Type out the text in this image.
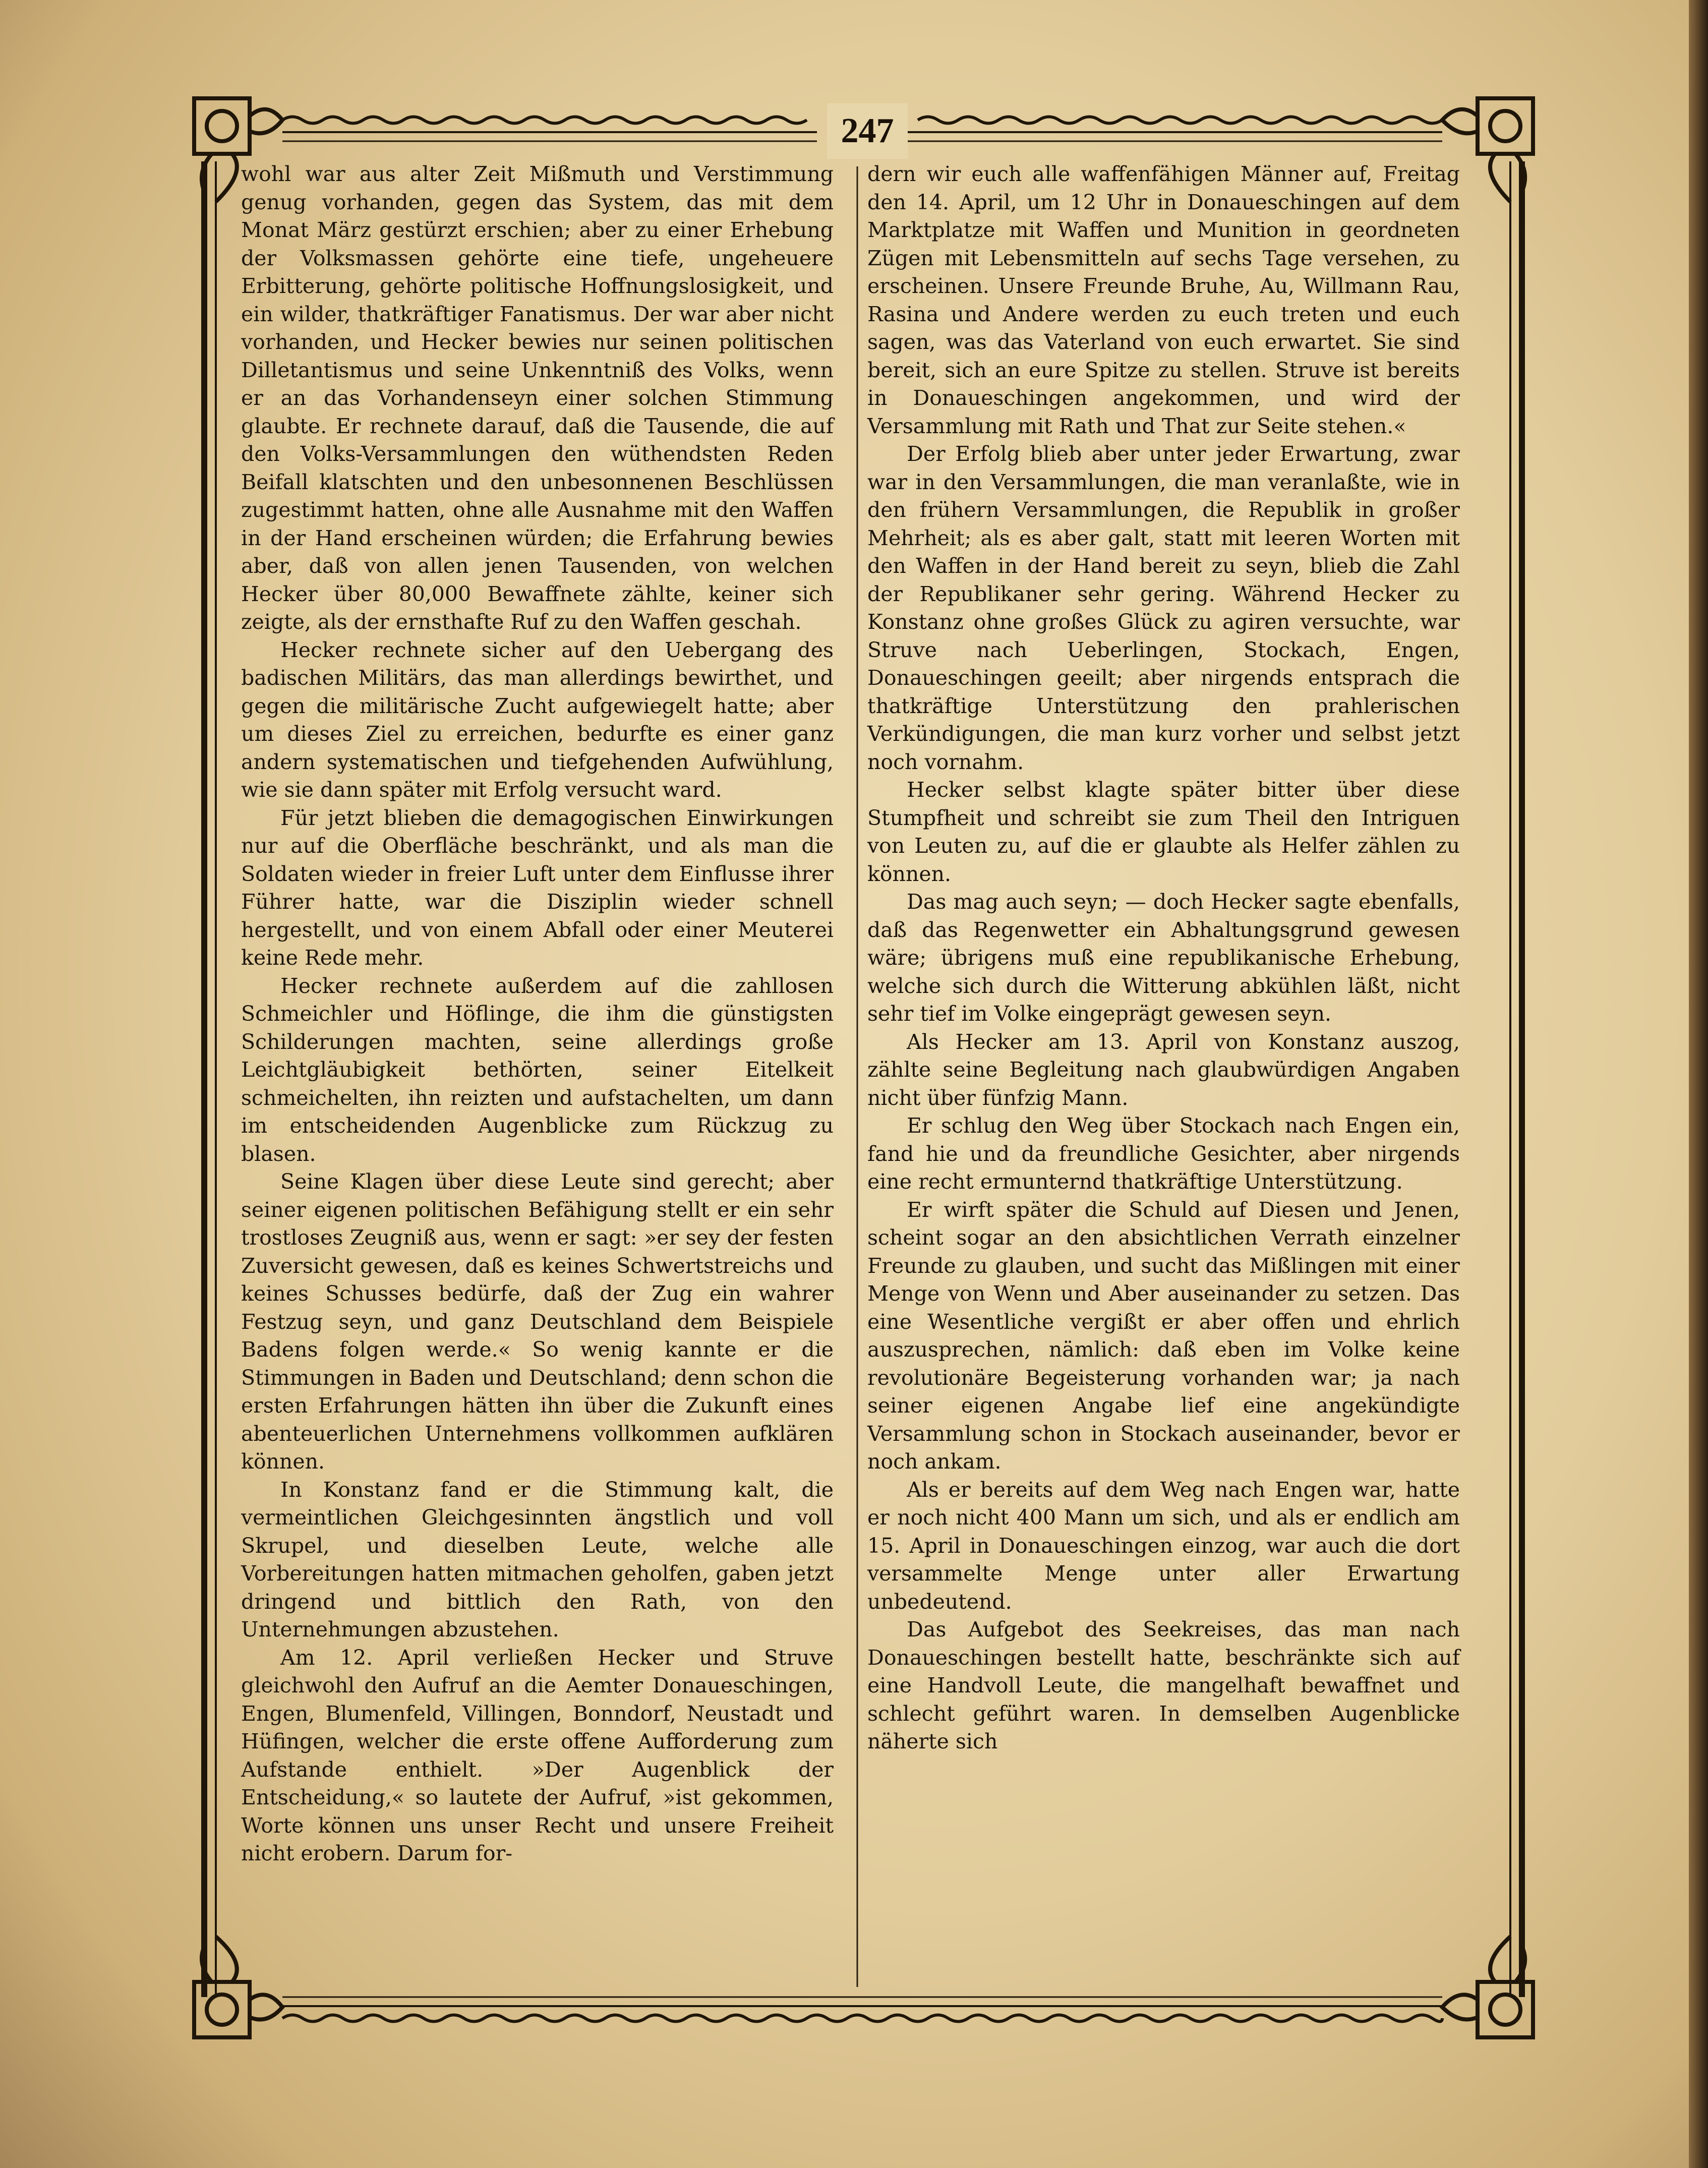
247

wohl war aus alter Zeit Mißmuth und Verstimmung genug vorhanden, gegen das System, das mit dem Monat März gestürzt erschien; aber zu einer Erhebung der Volksmassen gehörte eine tiefe, ungeheuere Erbitterung, gehörte politische Hoffnungslosigkeit, und ein wilder, thatkräftiger Fanatismus. Der war aber nicht vorhanden, und Hecker bewies nur seinen politischen Dilletantismus und seine Unkenntniß des Volks, wenn er an das Vorhandenseyn einer solchen Stimmung glaubte. Er rechnete darauf, daß die Tausende, die auf den Volks-Versammlungen den wüthendsten Reden Beifall klatschten und den unbesonnenen Beschlüssen zugestimmt hatten, ohne alle Ausnahme mit den Waffen in der Hand erscheinen würden; die Erfahrung bewies aber, daß von allen jenen Tausenden, von welchen Hecker über 80,000 Bewaffnete zählte, keiner sich zeigte, als der ernsthafte Ruf zu den Waffen geschah.

Hecker rechnete sicher auf den Uebergang des badischen Militärs, das man allerdings bewirthet, und gegen die militärische Zucht aufgewiegelt hatte; aber um dieses Ziel zu erreichen, bedurfte es einer ganz andern systematischen und tiefgehenden Aufwühlung, wie sie dann später mit Erfolg versucht ward.

Für jetzt blieben die demagogischen Einwirkungen nur auf die Oberfläche beschränkt, und als man die Soldaten wieder in freier Luft unter dem Einflusse ihrer Führer hatte, war die Disziplin wieder schnell hergestellt, und von einem Abfall oder einer Meuterei keine Rede mehr.

Hecker rechnete außerdem auf die zahllosen Schmeichler und Höflinge, die ihm die günstigsten Schilderungen machten, seine allerdings große Leichtgläubigkeit bethörten, seiner Eitelkeit schmeichelten, ihn reizten und aufstachelten, um dann im entscheidenden Augenblicke zum Rückzug zu blasen.

Seine Klagen über diese Leute sind gerecht; aber seiner eigenen politischen Befähigung stellt er ein sehr trostloses Zeugniß aus, wenn er sagt: »er sey der festen Zuversicht gewesen, daß es keines Schwertstreichs und keines Schusses bedürfe, daß der Zug ein wahrer Festzug seyn, und ganz Deutschland dem Beispiele Badens folgen werde.« So wenig kannte er die Stimmungen in Baden und Deutschland; denn schon die ersten Erfahrungen hätten ihn über die Zukunft eines abenteuerlichen Unternehmens vollkommen aufklären können.

In Konstanz fand er die Stimmung kalt, die vermeintlichen Gleichgesinnten ängstlich und voll Skrupel, und dieselben Leute, welche alle Vorbereitungen hatten mitmachen geholfen, gaben jetzt dringend und bittlich den Rath, von den Unternehmungen abzustehen.

Am 12. April verließen Hecker und Struve gleichwohl den Aufruf an die Aemter Donaueschingen, Engen, Blumenfeld, Villingen, Bonndorf, Neustadt und Hüfingen, welcher die erste offene Aufforderung zum Aufstande enthielt. »Der Augenblick der Entscheidung,« so lautete der Aufruf, »ist gekommen, Worte können uns unser Recht und unsere Freiheit nicht erobern. Darum for-

dern wir euch alle waffenfähigen Männer auf, Freitag den 14. April, um 12 Uhr in Donaueschingen auf dem Marktplatze mit Waffen und Munition in geordneten Zügen mit Lebensmitteln auf sechs Tage versehen, zu erscheinen. Unsere Freunde Bruhe, Au, Willmann Rau, Rasina und Andere werden zu euch treten und euch sagen, was das Vaterland von euch erwartet. Sie sind bereit, sich an eure Spitze zu stellen. Struve ist bereits in Donaueschingen angekommen, und wird der Versammlung mit Rath und That zur Seite stehen.«

Der Erfolg blieb aber unter jeder Erwartung, zwar war in den Versammlungen, die man veranlaßte, wie in den frühern Versammlungen, die Republik in großer Mehrheit; als es aber galt, statt mit leeren Worten mit den Waffen in der Hand bereit zu seyn, blieb die Zahl der Republikaner sehr gering. Während Hecker zu Konstanz ohne großes Glück zu agiren versuchte, war Struve nach Ueberlingen, Stockach, Engen, Donaueschingen geeilt; aber nirgends entsprach die thatkräftige Unterstützung den prahlerischen Verkündigungen, die man kurz vorher und selbst jetzt noch vornahm.

Hecker selbst klagte später bitter über diese Stumpfheit und schreibt sie zum Theil den Intriguen von Leuten zu, auf die er glaubte als Helfer zählen zu können.

Das mag auch seyn; — doch Hecker sagte ebenfalls, daß das Regenwetter ein Abhaltungsgrund gewesen wäre; übrigens muß eine republikanische Erhebung, welche sich durch die Witterung abkühlen läßt, nicht sehr tief im Volke eingeprägt gewesen seyn.

Als Hecker am 13. April von Konstanz auszog, zählte seine Begleitung nach glaubwürdigen Angaben nicht über fünfzig Mann.

Er schlug den Weg über Stockach nach Engen ein, fand hie und da freundliche Gesichter, aber nirgends eine recht ermunternd thatkräftige Unterstützung.

Er wirft später die Schuld auf Diesen und Jenen, scheint sogar an den absichtlichen Verrath einzelner Freunde zu glauben, und sucht das Mißlingen mit einer Menge von Wenn und Aber auseinander zu setzen. Das eine Wesentliche vergißt er aber offen und ehrlich auszusprechen, nämlich: daß eben im Volke keine revolutionäre Begeisterung vorhanden war; ja nach seiner eigenen Angabe lief eine angekündigte Versammlung schon in Stockach auseinander, bevor er noch ankam.

Als er bereits auf dem Weg nach Engen war, hatte er noch nicht 400 Mann um sich, und als er endlich am 15. April in Donaueschingen einzog, war auch die dort versammelte Menge unter aller Erwartung unbedeutend.

Das Aufgebot des Seekreises, das man nach Donaueschingen bestellt hatte, beschränkte sich auf eine Handvoll Leute, die mangelhaft bewaffnet und schlecht geführt waren. In demselben Augenblicke näherte sich
